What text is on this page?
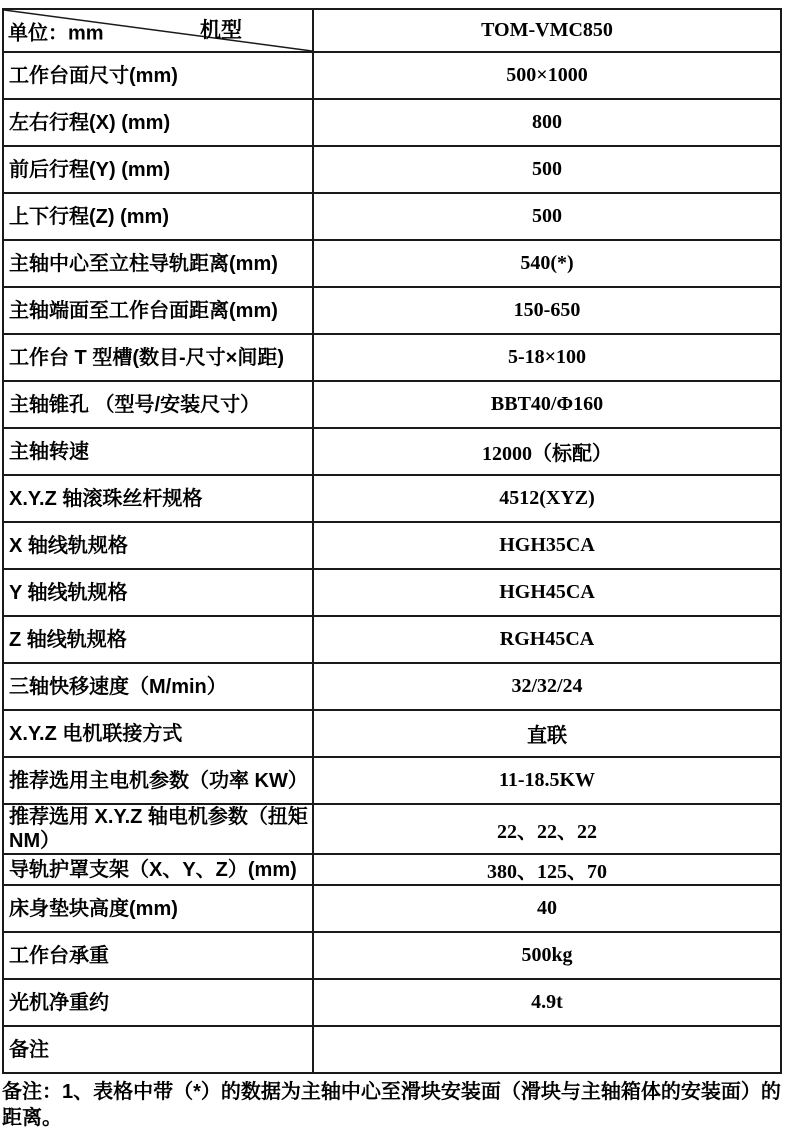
单位：mm 机型	TOM-VMC850
工作台面尺寸(mm)	500×1000
左右行程(X) (mm)	800
前后行程(Y) (mm)	500
上下行程(Z) (mm)	500
主轴中心至立柱导轨距离(mm)	540(*)
主轴端面至工作台面距离(mm)	150-650
工作台 T 型槽(数目-尺寸×间距)	5-18×100
主轴锥孔 （型号/安装尺寸）	BBT40/Φ160
主轴转速	12000（标配）
X.Y.Z 轴滚珠丝杆规格	4512(XYZ)
X 轴线轨规格	HGH35CA
Y 轴线轨规格	HGH45CA
Z 轴线轨规格	RGH45CA
三轴快移速度（M/min）	32/32/24
X.Y.Z 电机联接方式	直联
推荐选用主电机参数（功率 KW）	11-18.5KW
推荐选用 X.Y.Z 轴电机参数（扭矩 NM）	22、22、22
导轨护罩支架（X、Y、Z）(mm)	380、125、70
床身垫块高度(mm)	40
工作台承重	500kg
光机净重约	4.9t
备注	
备注：1、表格中带（*）的数据为主轴中心至滑块安装面（滑块与主轴箱体的安装面）的距离。
